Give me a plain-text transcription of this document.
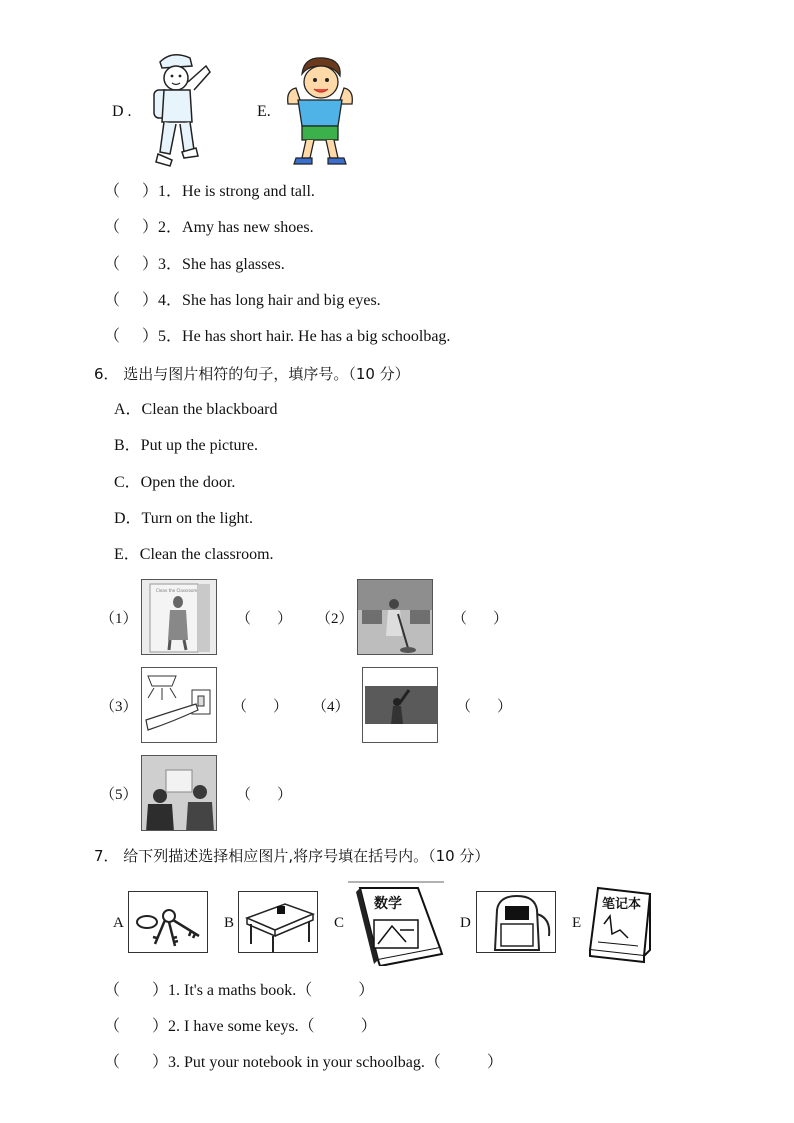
D .	E.
（ ）1．He is strong and tall.
（ ）2．Amy has new shoes.
（ ）3．She has glasses.
（ ）4．She has long hair and big eyes.
（ ）5．He has short hair. He has a big schoolbag.
6． 选出与图片相符的句子，填序号。（10 分）
A．Clean the blackboard
B．Put up the picture.
C．Open the door.
D．Turn on the light.
E．Clean the classroom.
（1）
Clean the Classroom
（ ） （2）	（ ）
（3）	（ ） （4）	（ ）
（5）	（ ）
7． 给下列描述选择相应图片,将序号填在括号内。（10 分）
A	B	C
数学
D	E
笔记本
（ ）1. It's a maths book.（	）
（ ）2. I have some keys.（	）
（ ）3. Put your notebook in your schoolbag.（	）
